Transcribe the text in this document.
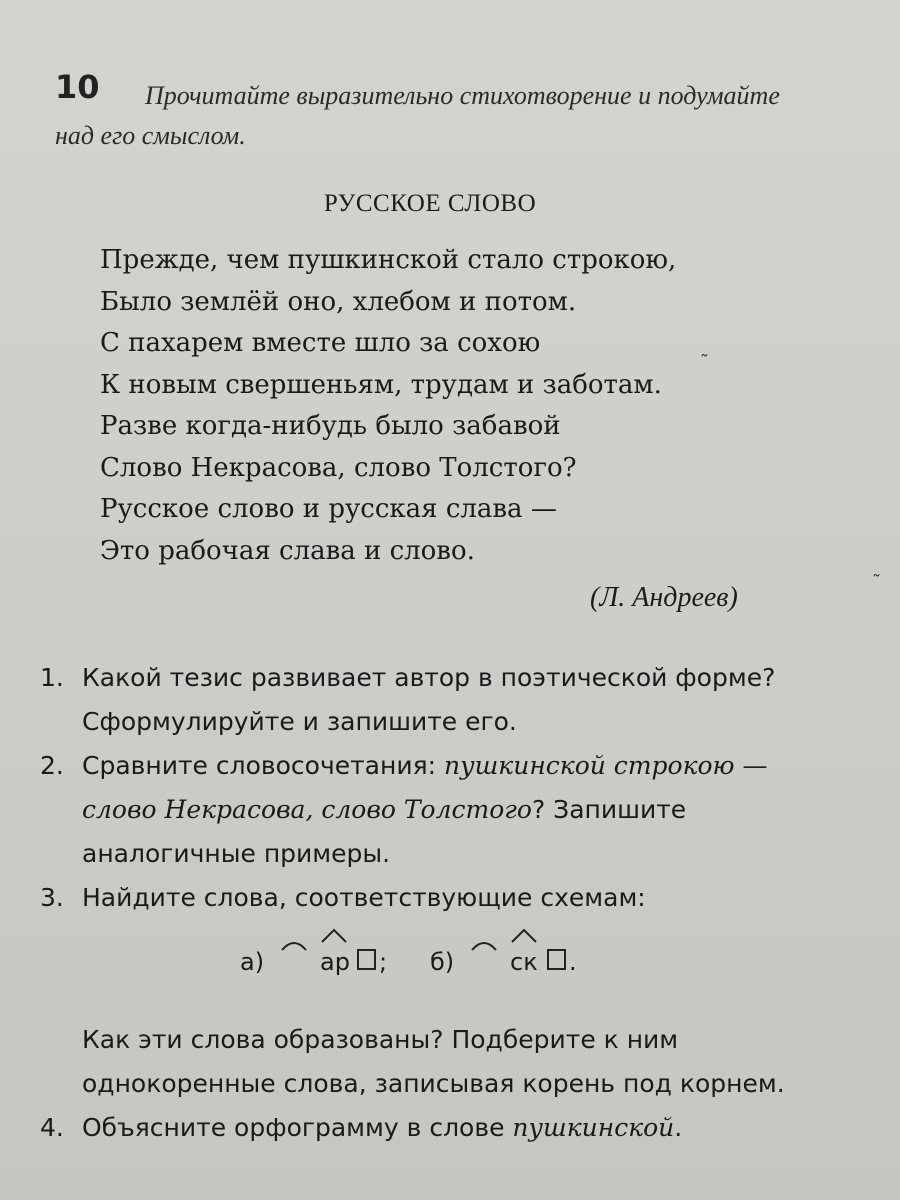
10	Прочитайте выразительно стихотворение и подумайте над его смыслом.
РУССКОЕ СЛОВО
Прежде, чем пушкинской стало строкою,
Было землёй оно, хлебом и потом.
С пахарем вместе шло за сохою
К новым свершеньям, трудам и заботам.
Разве когда-нибудь было забавой
Слово Некрасова, слово Толстого?
Русское слово и русская слава —
Это рабочая слава и слово.
(Л. Андреев)
1. Какой тезис развивает автор в поэтической форме? Сформулируйте и запишите его.
2. Сравните словосочетания: пушкинской строкою — слово Некрасова, слово Толстого? Запишите аналогичные примеры.
3. Найдите слова, соответствующие схемам:
а) ар ; б) ск .
Как эти слова образованы? Подберите к ним однокоренные слова, записывая корень под корнем.
4. Объясните орфограмму в слове пушкинской.
˜
˜
